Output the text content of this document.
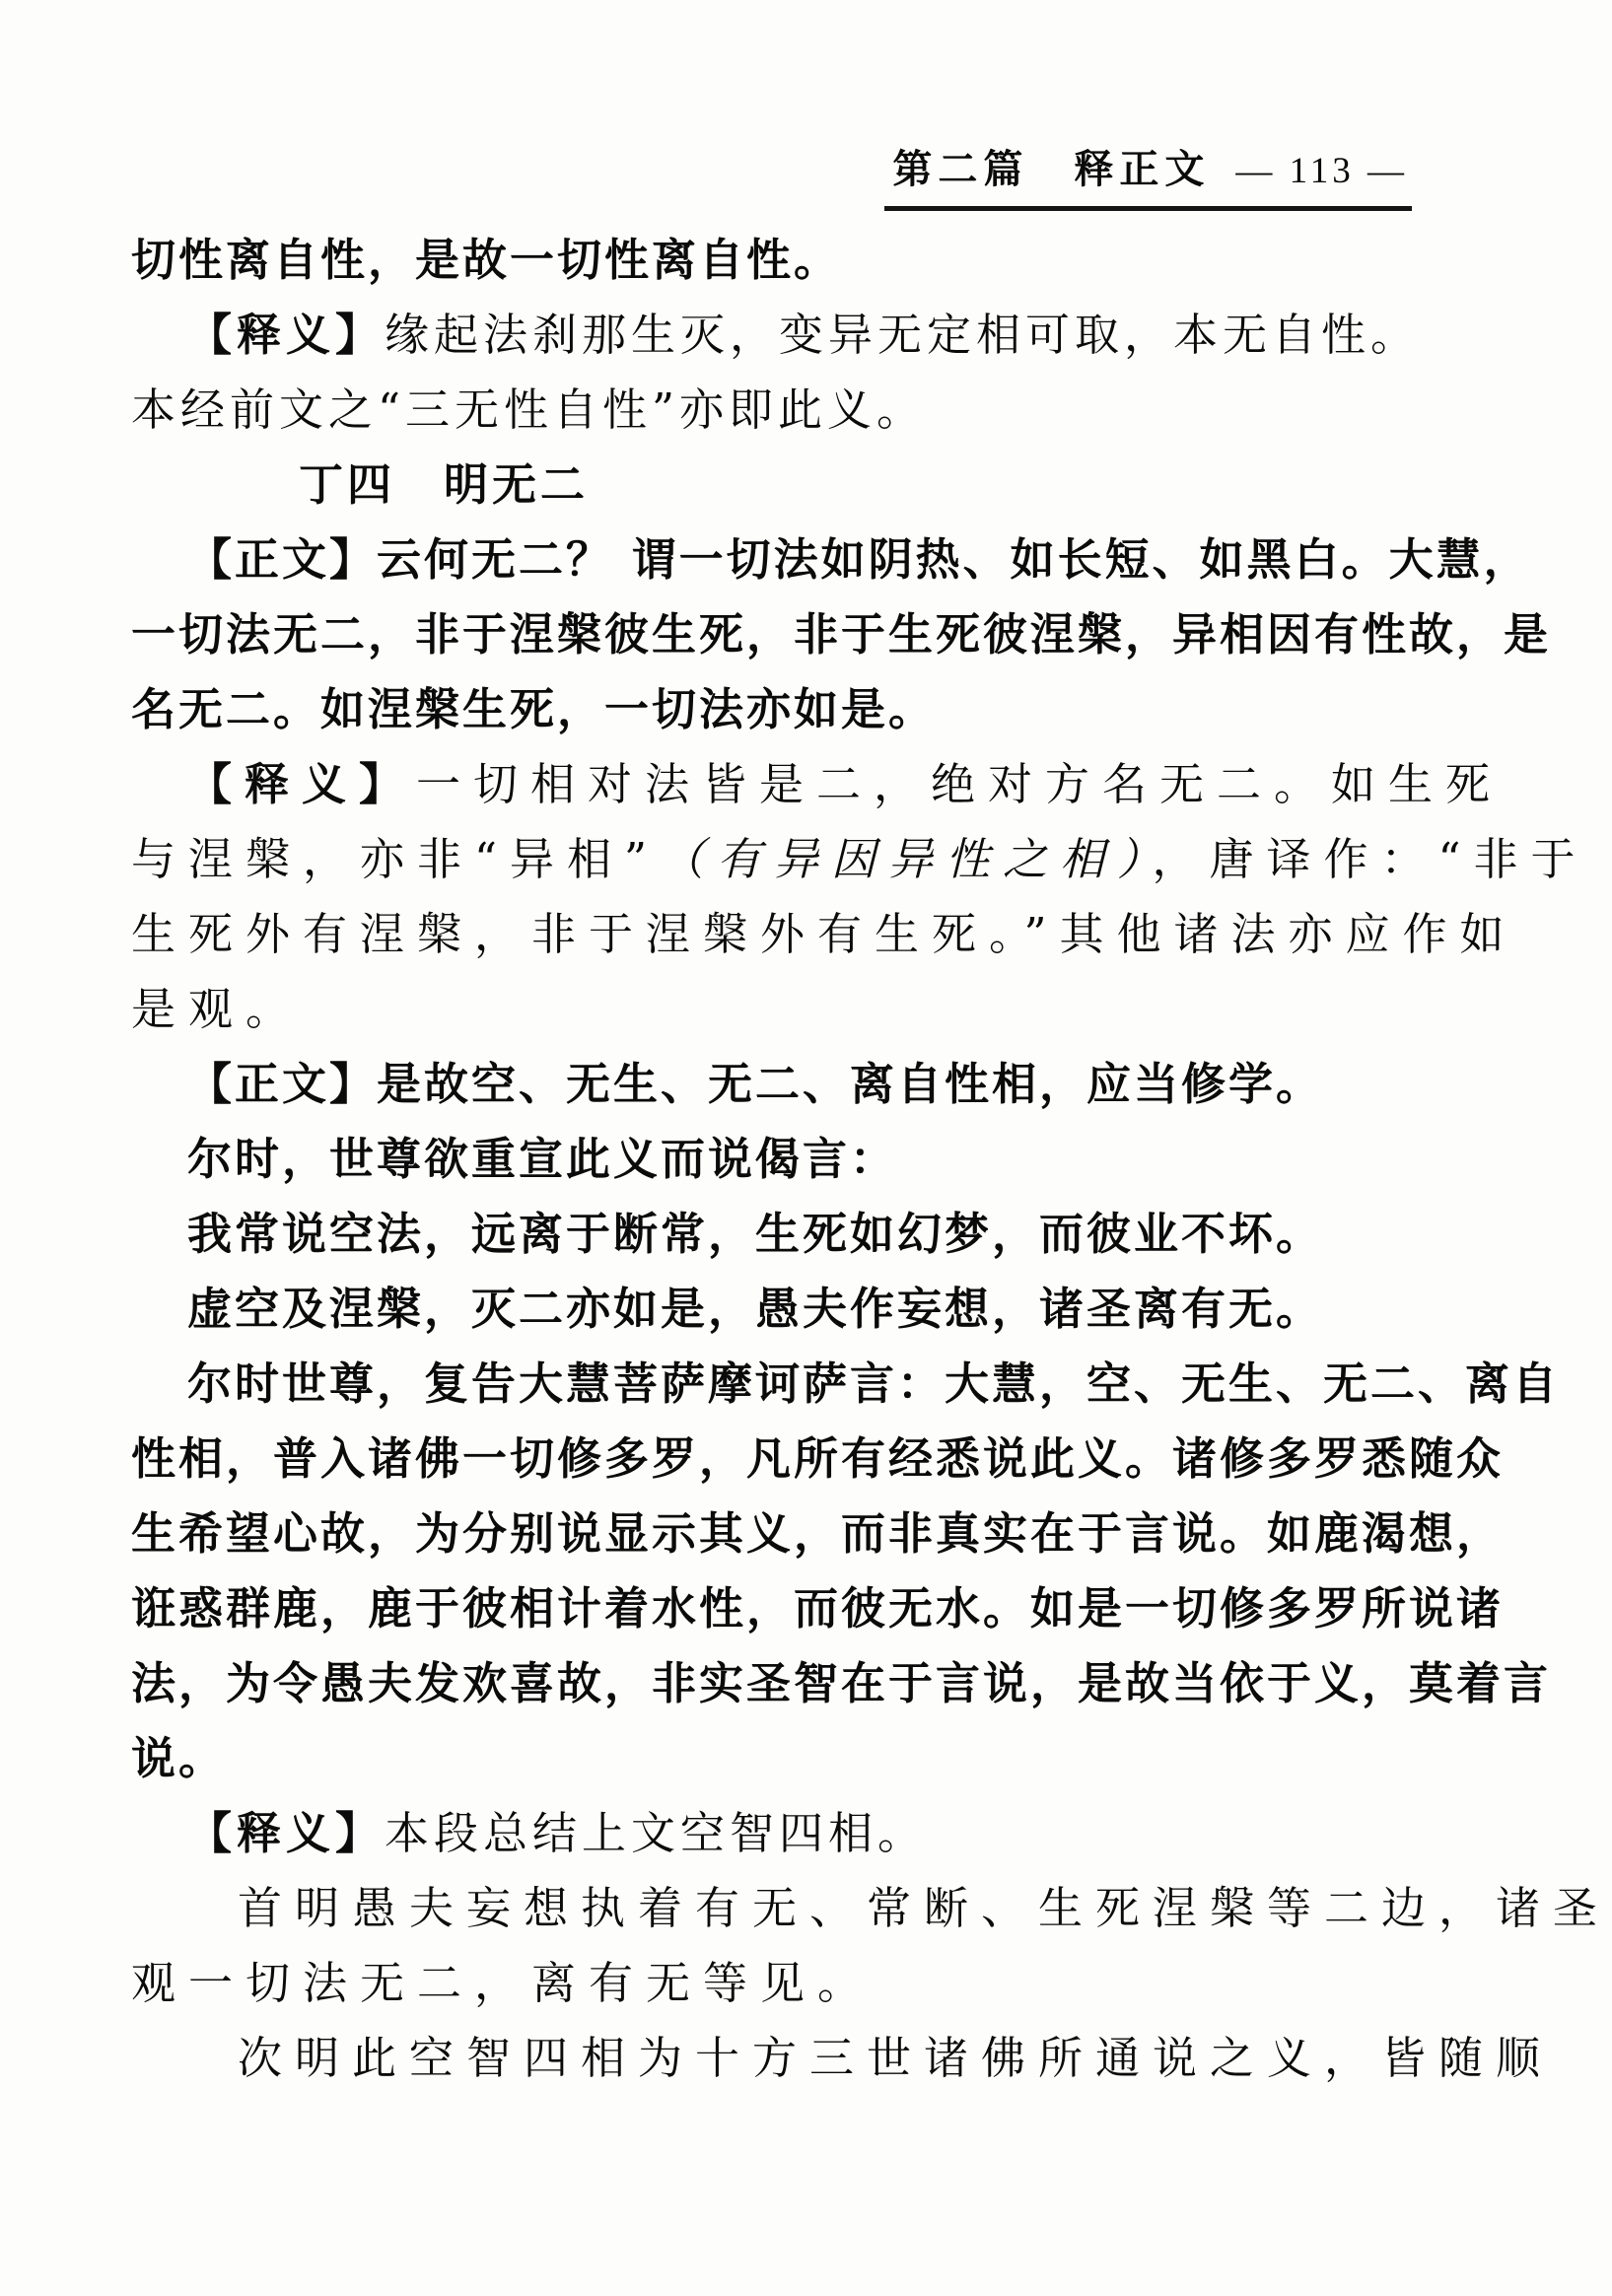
第二篇　释正文 — 113 —

切性离自性，是故一切性离自性。

【释义】缘起法刹那生灭，变异无定相可取，本无自性。

本经前文之“三无性自性”亦即此义。

丁四　明无二

【正文】云何无二？ 谓一切法如阴热、如长短、如黑白。大慧，

一切法无二，非于涅槃彼生死，非于生死彼涅槃，异相因有性故，是

名无二。如涅槃生死，一切法亦如是。

【释义】一切相对法皆是二，绝对方名无二。如生死

与涅槃，亦非“异相”（有异因异性之相），唐译作：“非于

生死外有涅槃，非于涅槃外有生死。”其他诸法亦应作如

是观。

【正文】是故空、无生、无二、离自性相，应当修学。

尔时，世尊欲重宣此义而说偈言：

我常说空法，远离于断常，生死如幻梦，而彼业不坏。

虚空及涅槃，灭二亦如是，愚夫作妄想，诸圣离有无。

尔时世尊，复告大慧菩萨摩诃萨言：大慧，空、无生、无二、离自

性相，普入诸佛一切修多罗，凡所有经悉说此义。诸修多罗悉随众

生希望心故，为分别说显示其义，而非真实在于言说。如鹿渴想，

诳惑群鹿，鹿于彼相计着水性，而彼无水。如是一切修多罗所说诸

法，为令愚夫发欢喜故，非实圣智在于言说，是故当依于义，莫着言

说。

【释义】本段总结上文空智四相。

首明愚夫妄想执着有无、常断、生死涅槃等二边，诸圣

观一切法无二，离有无等见。

次明此空智四相为十方三世诸佛所通说之义，皆随顺
